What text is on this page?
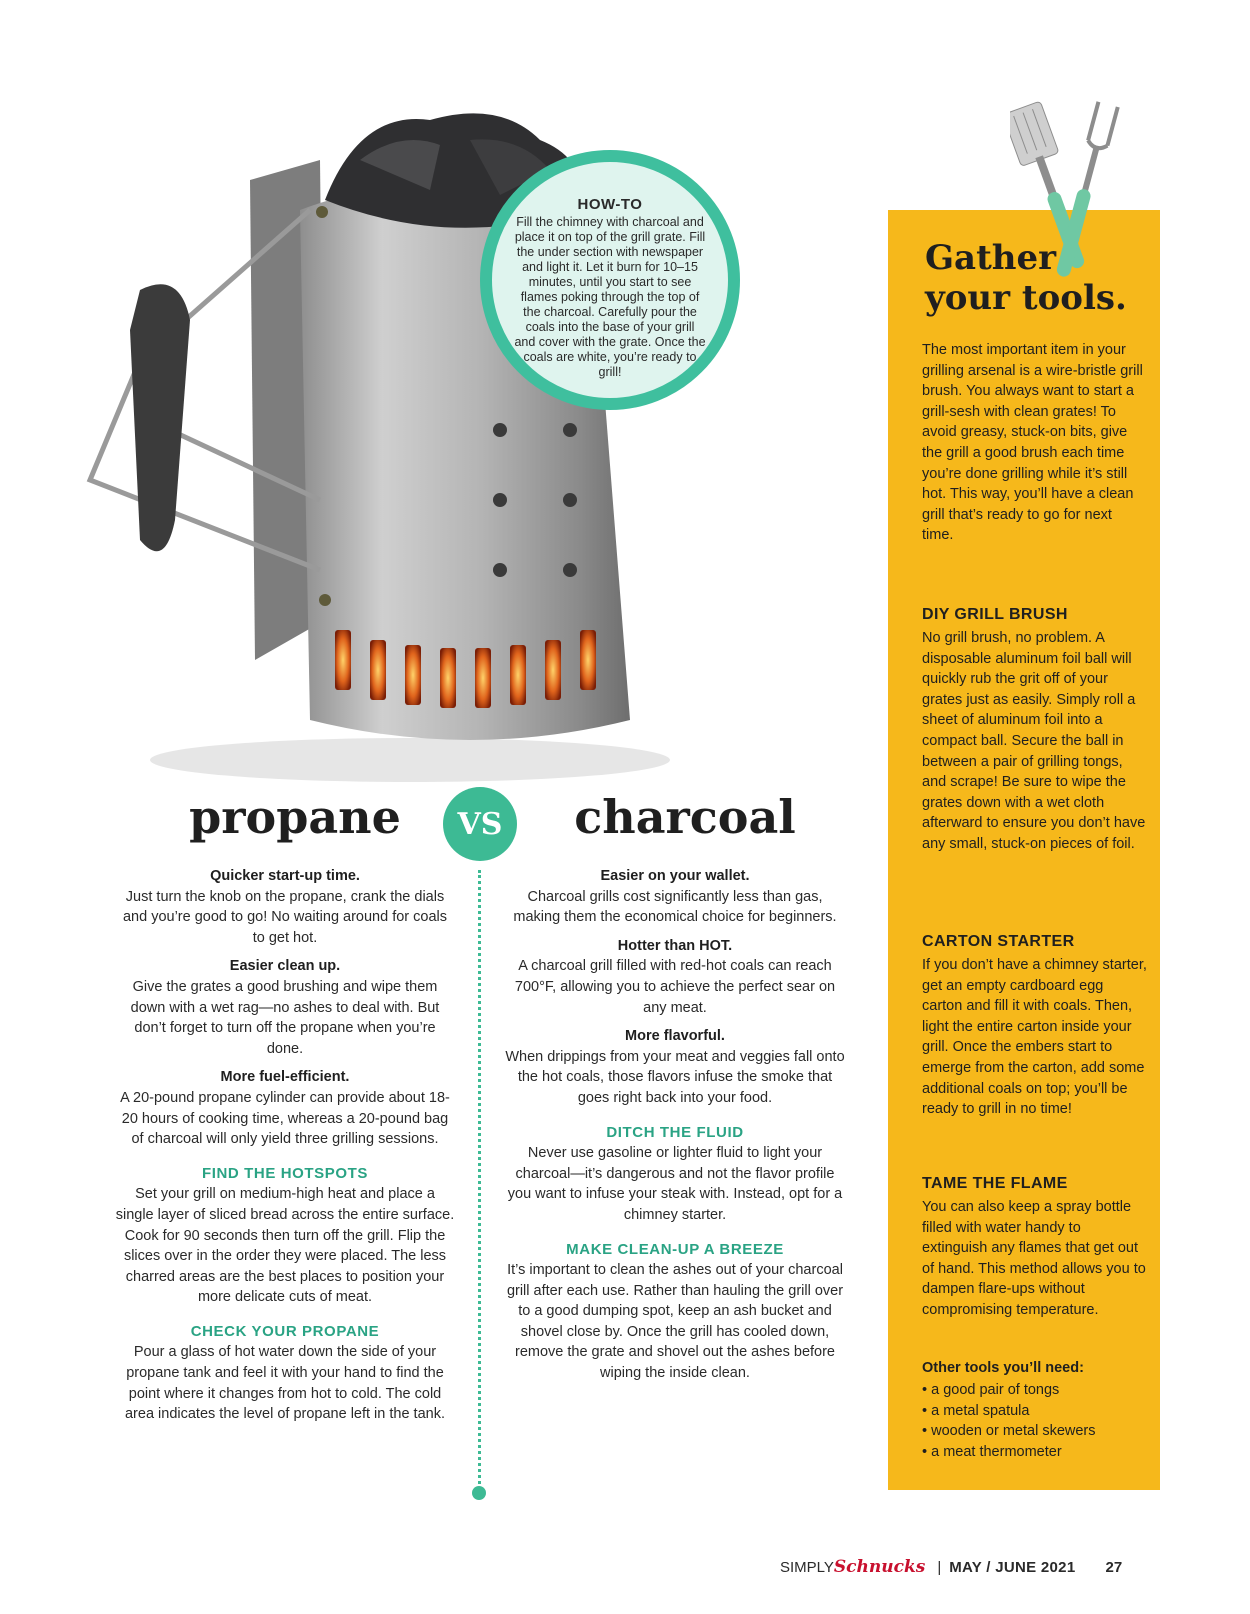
HOW-TO
Fill the chimney with charcoal and place it on top of the grill grate. Fill the under section with newspaper and light it. Let it burn for 10–15 minutes, until you start to see flames poking through the top of the charcoal. Carefully pour the coals into the base of your grill and cover with the grate. Once the coals are white, you’re ready to grill!
Gather
your tools.
The most important item in your grilling arsenal is a wire-bristle grill brush. You always want to start a grill-sesh with clean grates! To avoid greasy, stuck-on bits, give the grill a good brush each time you’re done grilling while it’s still hot. This way, you’ll have a clean grill that’s ready to go for next time.
DIY GRILL BRUSH
No grill brush, no problem. A disposable aluminum foil ball will quickly rub the grit off of your grates just as easily. Simply roll a sheet of aluminum foil into a compact ball. Secure the ball in between a pair of grilling tongs, and scrape! Be sure to wipe the grates down with a wet cloth afterward to ensure you don’t have any small, stuck-on pieces of foil.
CARTON STARTER
If you don’t have a chimney starter, get an empty cardboard egg carton and fill it with coals. Then, light the entire carton inside your grill. Once the embers start to emerge from the carton, add some additional coals on top; you’ll be ready to grill in no time!
TAME THE FLAME
You can also keep a spray bottle filled with water handy to extinguish any flames that get out of hand. This method allows you to dampen flare-ups without compromising temperature.
Other tools you’ll need:
• a good pair of tongs
• a metal spatula
• wooden or metal skewers
• a meat thermometer
propane	VS	charcoal
Quicker start-up time.
Just turn the knob on the propane, crank the dials and you’re good to go! No waiting around for coals to get hot.
Easier clean up.
Give the grates a good brushing and wipe them down with a wet rag—no ashes to deal with. But don’t forget to turn off the propane when you’re done.
More fuel-efficient.
A 20-pound propane cylinder can provide about 18-20 hours of cooking time, whereas a 20-pound bag of charcoal will only yield three grilling sessions.
FIND THE HOTSPOTS
Set your grill on medium-high heat and place a single layer of sliced bread across the entire surface. Cook for 90 seconds then turn off the grill. Flip the slices over in the order they were placed. The less charred areas are the best places to position your more delicate cuts of meat.
CHECK YOUR PROPANE
Pour a glass of hot water down the side of your propane tank and feel it with your hand to find the point where it changes from hot to cold. The cold area indicates the level of propane left in the tank.
Easier on your wallet.
Charcoal grills cost significantly less than gas, making them the economical choice for beginners.
Hotter than HOT.
A charcoal grill filled with red-hot coals can reach 700°F, allowing you to achieve the perfect sear on any meat.
More flavorful.
When drippings from your meat and veggies fall onto the hot coals, those flavors infuse the smoke that goes right back into your food.
DITCH THE FLUID
Never use gasoline or lighter fluid to light your charcoal—it’s dangerous and not the flavor profile you want to infuse your steak with. Instead, opt for a chimney starter.
MAKE CLEAN-UP A BREEZE
It’s important to clean the ashes out of your charcoal grill after each use. Rather than hauling the grill over to a good dumping spot, keep an ash bucket and shovel close by. Once the grill has cooled down, remove the grate and shovel out the ashes before wiping the inside clean.
SIMPLY Schnucks | MAY / JUNE 2021 27
